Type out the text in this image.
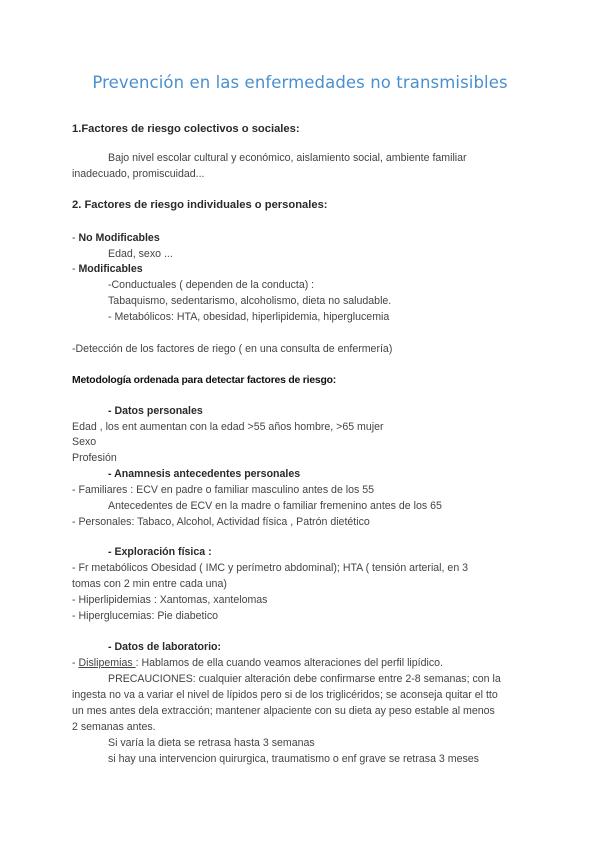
Prevención en las enfermedades no transmisibles
1.Factores de riesgo colectivos o sociales:
Bajo nivel escolar cultural y económico, aislamiento social, ambiente familiar
inadecuado, promiscuidad...
2. Factores de riesgo individuales o personales:
- No Modificables
Edad, sexo ...
- Modificables
-Conductuales ( dependen de la conducta) :
Tabaquismo, sedentarismo, alcoholismo, dieta no saludable.
- Metabólicos: HTA, obesidad, hiperlipidemia, hiperglucemia
-Detección de los factores de riego ( en una consulta de enfermería)
Metodología ordenada para detectar factores de riesgo:
- Datos personales
Edad , los ent aumentan con la edad >55 años hombre, >65 mujer
Sexo
Profesión
- Anamnesis antecedentes personales
- Familiares : ECV en padre o familiar masculino antes de los 55
Antecedentes de ECV en la madre o familiar fremenino antes de los 65
- Personales: Tabaco, Alcohol, Actividad física , Patrón dietético
- Exploración física :
- Fr metabólicos Obesidad ( IMC y perímetro abdominal); HTA ( tensión arterial, en 3
tomas con 2 min entre cada una)
- Hiperlipidemias : Xantomas, xantelomas
- Hiperglucemias: Pie diabetico
- Datos de laboratorio:
- Dislipemias : Hablamos de ella cuando veamos alteraciones del perfil lipídico.
PRECAUCIONES: cualquier alteración debe confirmarse entre 2-8 semanas; con la
ingesta no va a variar el nivel de lípidos pero si de los triglicéridos; se aconseja quitar el tto
un mes antes dela extracción; mantener alpaciente con su dieta ay peso estable al menos
2 semanas antes.
Si varía la dieta se retrasa hasta 3 semanas
si hay una intervencion quirurgica, traumatismo o enf grave se retrasa 3 meses
